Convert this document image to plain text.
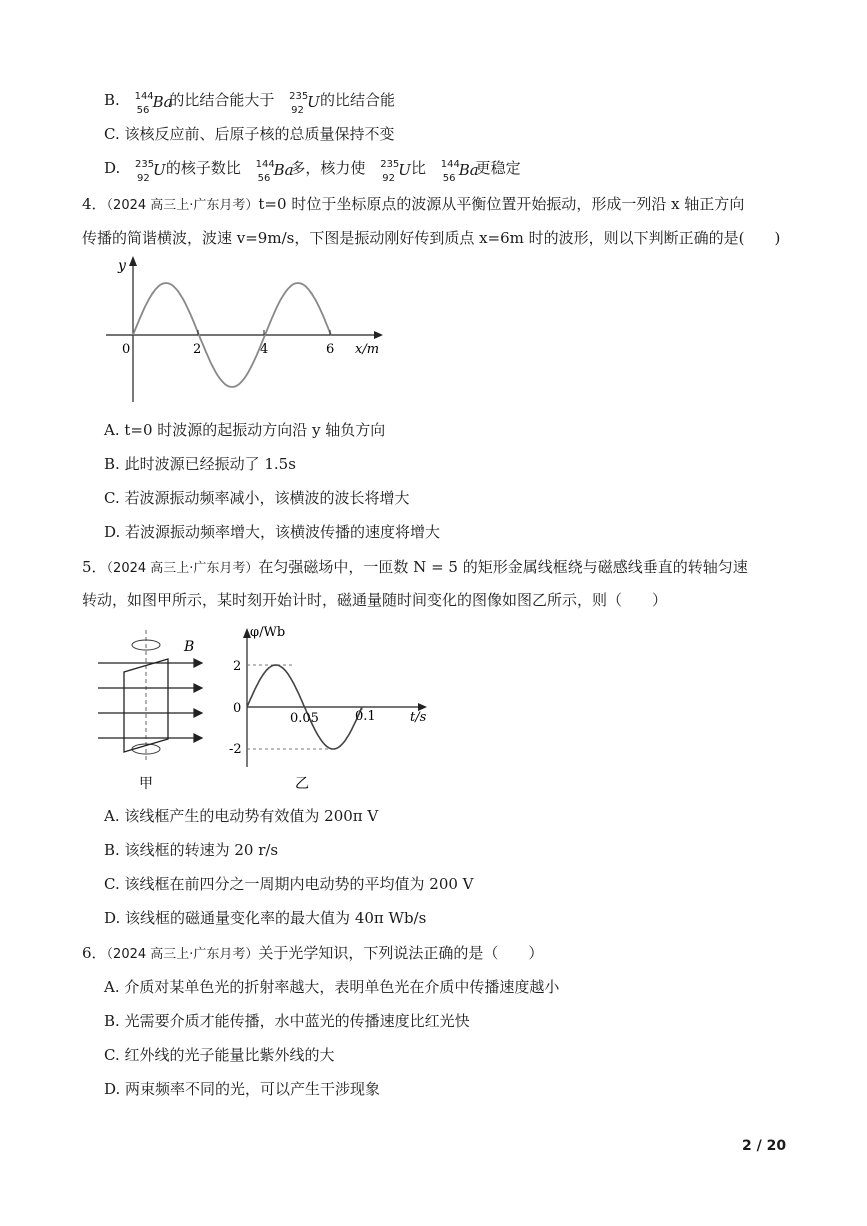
B. 144
56 Ba
的比结合能大于 235
92 U 的比结合能
C. 该核反应前、后原子核的总质量保持不变
D. 235
92 U 的核子数比 144
56 Ba
多，核力使 235
92 U 比 144
56 Ba
更稳定
4．（2024 高三上·广东月考）t=0 时位于坐标原点的波源从平衡位置开始振动，形成一列沿 x 轴正方向
传播的简谐横波，波速 v=9m/s，下图是振动刚好传到质点 x=6m 时的波形，则以下判断正确的是(　　)
y
0	2	4	6 x/m
A. t=0 时波源的起振动方向沿 y 轴负方向
B. 此时波源已经振动了 1.5s
C. 若波源振动频率减小，该横波的波长将增大
D. 若波源振动频率增大，该横波传播的速度将增大
5．（2024 高三上·广东月考）在匀强磁场中，一匝数 N = 5 的矩形金属线框绕与磁感线垂直的转轴匀速
转动，如图甲所示，某时刻开始计时，磁通量随时间变化的图像如图乙所示，则（　　）
B
甲
φ/Wb
2
0
-2
0.05	0.1	t/s
乙
A. 该线框产生的电动势有效值为 200π V
B. 该线框的转速为 20 r/s
C. 该线框在前四分之一周期内电动势的平均值为 200 V
D. 该线框的磁通量变化率的最大值为 40π Wb/s
6．（2024 高三上·广东月考）关于光学知识，下列说法正确的是（　　）
A. 介质对某单色光的折射率越大，表明单色光在介质中传播速度越小
B. 光需要介质才能传播，水中蓝光的传播速度比红光快
C. 红外线的光子能量比紫外线的大
D. 两束频率不同的光，可以产生干涉现象
2 / 20
